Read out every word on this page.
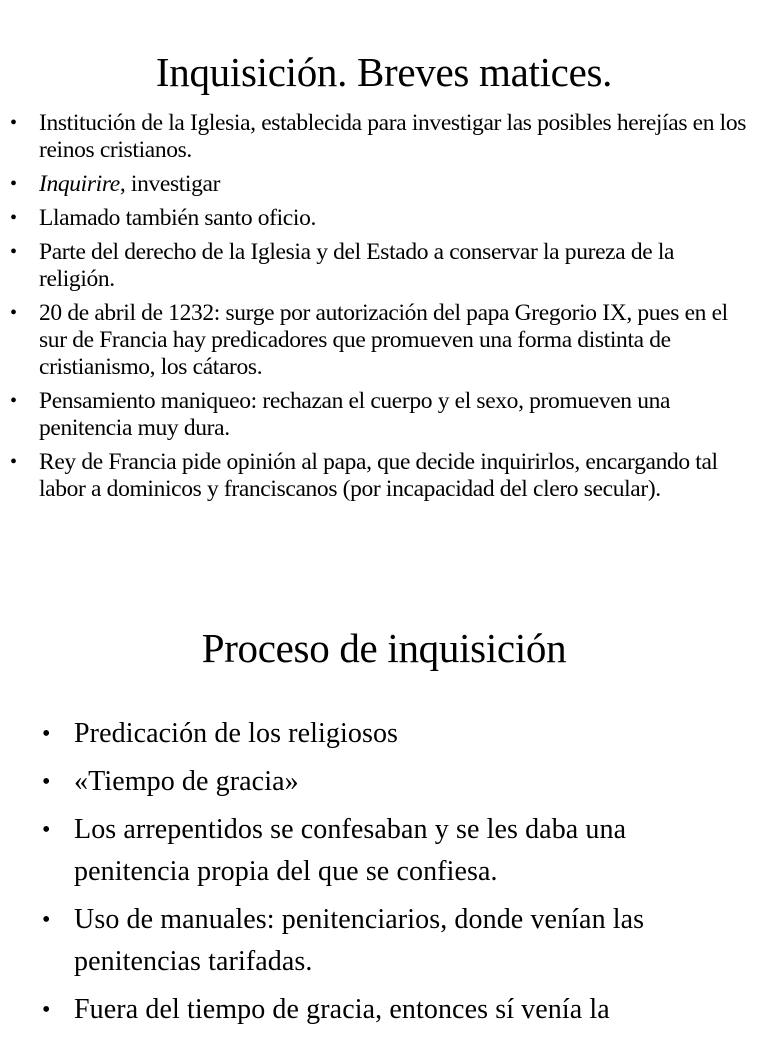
Inquisición. Breves matices.
• Institución de la Iglesia, establecida para investigar las posibles herejías en los reinos cristianos.
• Inquirire, investigar
• Llamado también santo oficio.
• Parte del derecho de la Iglesia y del Estado a conservar la pureza de la religión.
• 20 de abril de 1232: surge por autorización del papa Gregorio IX, pues en el sur de Francia hay predicadores que promueven una forma distinta de cristianismo, los cátaros.
• Pensamiento maniqueo: rechazan el cuerpo y el sexo, promueven una penitencia muy dura.
• Rey de Francia pide opinión al papa, que decide inquirirlos, encargando tal labor a dominicos y franciscanos (por incapacidad del clero secular).
Proceso de inquisición
• Predicación de los religiosos
• «Tiempo de gracia»
• Los arrepentidos se confesaban y se les daba una penitencia propia del que se confiesa.
• Uso de manuales: penitenciarios, donde venían las penitencias tarifadas.
• Fuera del tiempo de gracia, entonces sí venía la
